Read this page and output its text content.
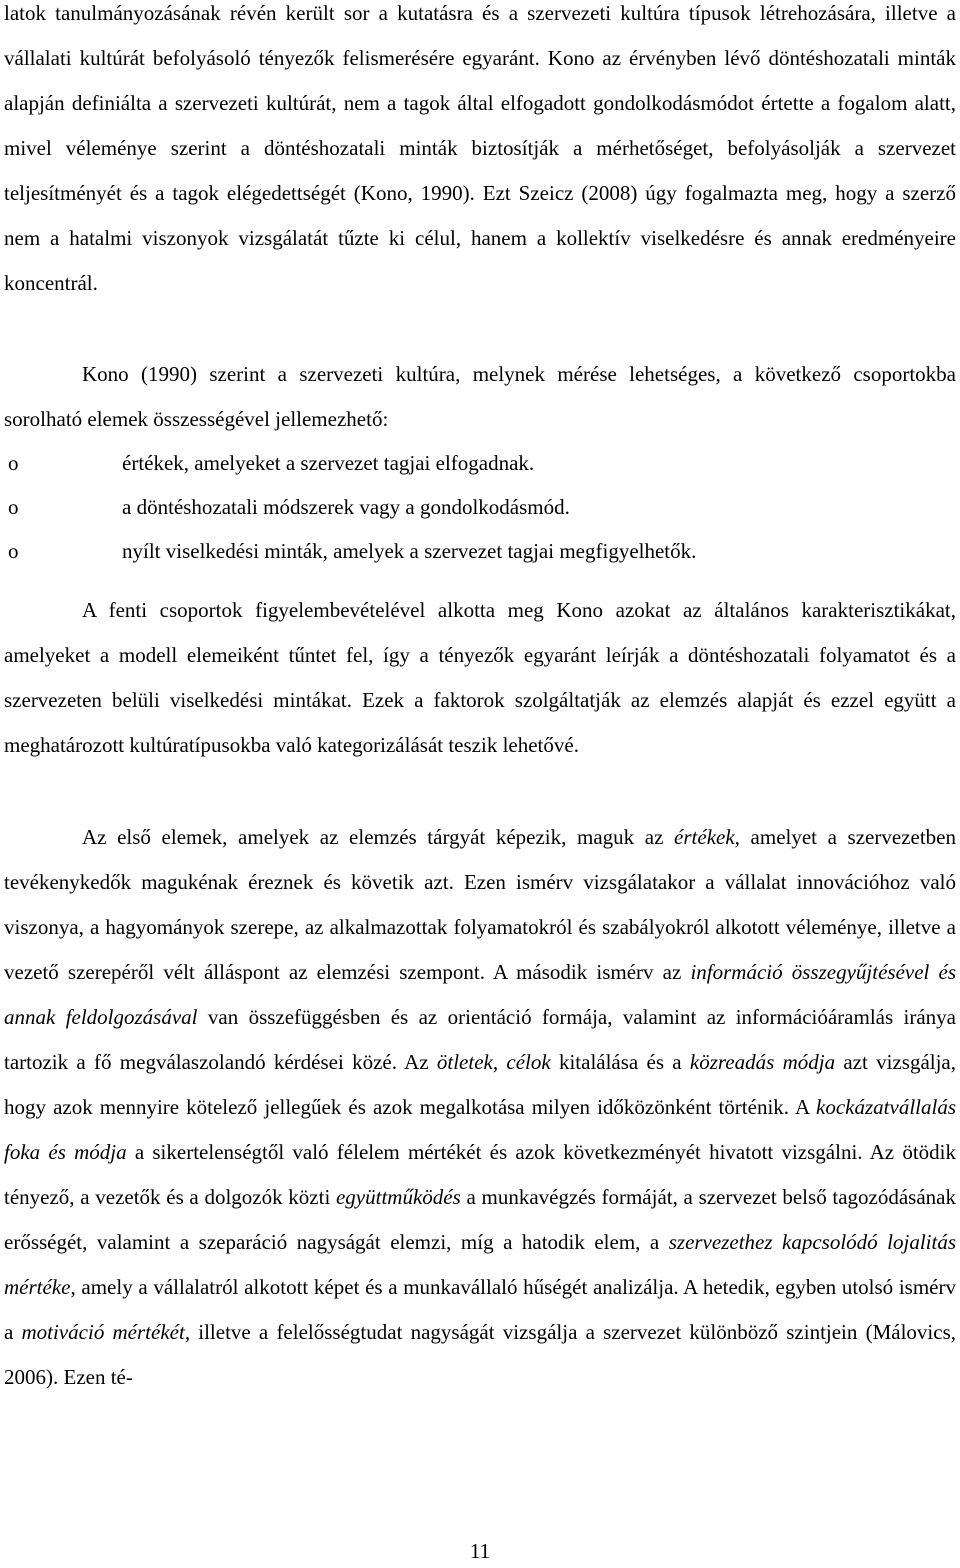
latok tanulmányozásának révén került sor a kutatásra és a szervezeti kultúra típusok létrehozására, illetve a vállalati kultúrát befolyásoló tényezők felismerésére egyaránt. Kono az érvényben lévő döntéshozatali minták alapján definiálta a szervezeti kultúrát, nem a tagok által elfogadott gondolkodásmódot értette a fogalom alatt, mivel véleménye szerint a döntéshozatali minták biztosítják a mérhetőséget, befolyásolják a szervezet teljesítményét és a tagok elégedettségét (Kono, 1990). Ezt Szeicz (2008) úgy fogalmazta meg, hogy a szerző nem a hatalmi viszonyok vizsgálatát tűzte ki célul, hanem a kollektív viselkedésre és annak eredményeire koncentrál.

Kono (1990) szerint a szervezeti kultúra, melynek mérése lehetséges, a következő csoportokba sorolható elemek összességével jellemezhető:

o	értékek, amelyeket a szervezet tagjai elfogadnak.
o	a döntéshozatali módszerek vagy a gondolkodásmód.
o	nyílt viselkedési minták, amelyek a szervezet tagjai megfigyelhetők.

A fenti csoportok figyelembevételével alkotta meg Kono azokat az általános karakterisztikákat, amelyeket a modell elemeiként tűntet fel, így a tényezők egyaránt leírják a döntéshozatali folyamatot és a szervezeten belüli viselkedési mintákat. Ezek a faktorok szolgáltatják az elemzés alapját és ezzel együtt a meghatározott kultúratípusokba való kategorizálását teszik lehetővé.

Az első elemek, amelyek az elemzés tárgyát képezik, maguk az értékek, amelyet a szervezetben tevékenykedők magukénak éreznek és követik azt. Ezen ismérv vizsgálatakor a vállalat innovációhoz való viszonya, a hagyományok szerepe, az alkalmazottak folyamatokról és szabályokról alkotott véleménye, illetve a vezető szerepéről vélt álláspont az elemzési szempont. A második ismérv az információ összegyűjtésével és annak feldolgozásával van összefüggésben és az orientáció formája, valamint az információáramlás iránya tartozik a fő megválaszolandó kérdései közé. Az ötletek, célok kitalálása és a közreadás módja azt vizsgálja, hogy azok mennyire kötelező jellegűek és azok megalkotása milyen időközönként történik. A kockázatvállalás foka és módja a sikertelenségtől való félelem mértékét és azok következményét hivatott vizsgálni. Az ötödik tényező, a vezetők és a dolgozók közti együttműködés a munkavégzés formáját, a szervezet belső tagozódásának erősségét, valamint a szeparáció nagyságát elemzi, míg a hatodik elem, a szervezethez kapcsolódó lojalitás mértéke, amely a vállalatról alkotott képet és a munkavállaló hűségét analizálja. A hetedik, egyben utolsó ismérv a motiváció mértékét, illetve a felelősségtudat nagyságát vizsgálja a szervezet különböző szintjein (Málovics, 2006). Ezen té-

11
